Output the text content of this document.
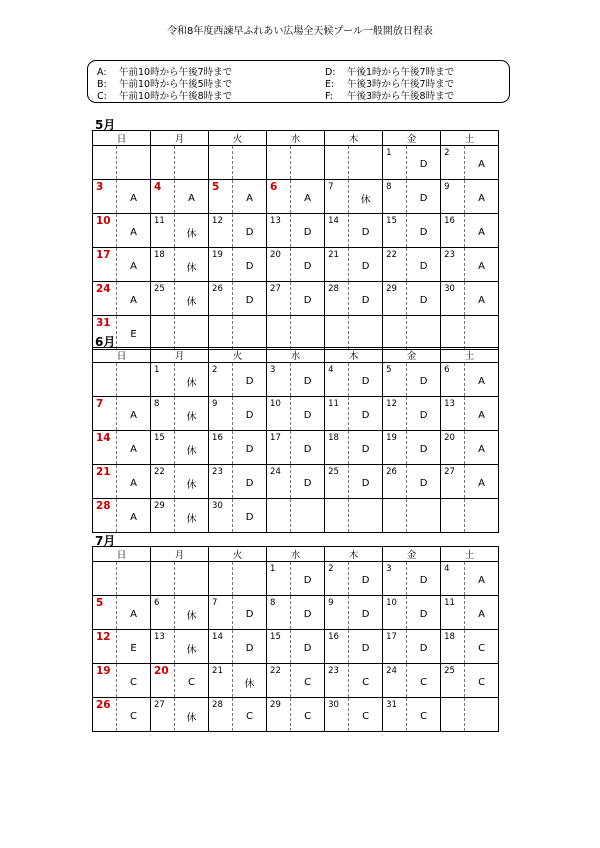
令和8年度西諫早ふれあい広場全天候プール一般開放日程表
A: 午前10時から午後7時まで
B: 午前10時から午後5時まで
C: 午前10時から午後8時まで
D: 午後1時から午後7時まで
E: 午後3時から午後7時まで
F: 午後3時から午後8時まで
5月
日		月		火		水		木		金		土	

										1	D	2	A

3	A	4	A	5	A	6	A	7	休	8	D	9	A

10	A	11	休	12	D	13	D	14	D	15	D	16	A

17	A	18	休	19	D	20	D	21	D	22	D	23	A

24	A	25	休	26	D	27	D	28	D	29	D	30	A

31	E	

6月
日		月		火		水		木		金		土	

		1	休	2	D	3	D	4	D	5	D	6	A

7	A	8	休	9	D	10	D	11	D	12	D	13	A

14	A	15	休	16	D	17	D	18	D	19	D	20	A

21	A	22	休	23	D	24	D	25	D	26	D	27	A

28	A	29	休	30	D	

7月
日		月		火		水		木		金		土	

						1	D	2	D	3	D	4	A

5	A	6	休	7	D	8	D	9	D	10	D	11	A

12	E	13	休	14	D	15	D	16	D	17	D	18	C

19	C	20	C	21	休	22	C	23	C	24	C	25	C

26	C	27	休	28	C	29	C	30	C	31	C	
